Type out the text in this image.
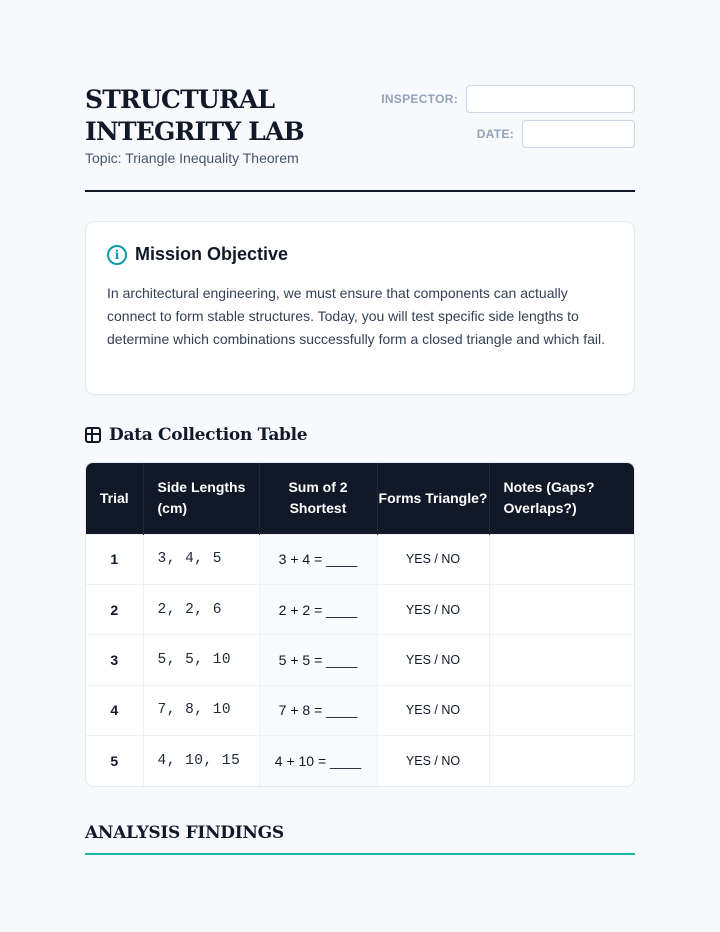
STRUCTURAL INTEGRITY LAB
Topic: Triangle Inequality Theorem
INSPECTOR:
DATE:
i Mission Objective

In architectural engineering, we must ensure that components can actually connect to form stable structures. Today, you will test specific side lengths to determine which combinations successfully form a closed triangle and which fail.

Data Collection Table
Trial	Side Lengths (cm)	Sum of 2 Shortest	Forms Triangle?	Notes (Gaps? Overlaps?)
1	3, 4, 5	3 + 4 = ____	YES / NO	
2	2, 2, 6	2 + 2 = ____	YES / NO	
3	5, 5, 10	5 + 5 = ____	YES / NO	
4	7, 8, 10	7 + 8 = ____	YES / NO	
5	4, 10, 15	4 + 10 = ____	YES / NO	
ANALYSIS FINDINGS
